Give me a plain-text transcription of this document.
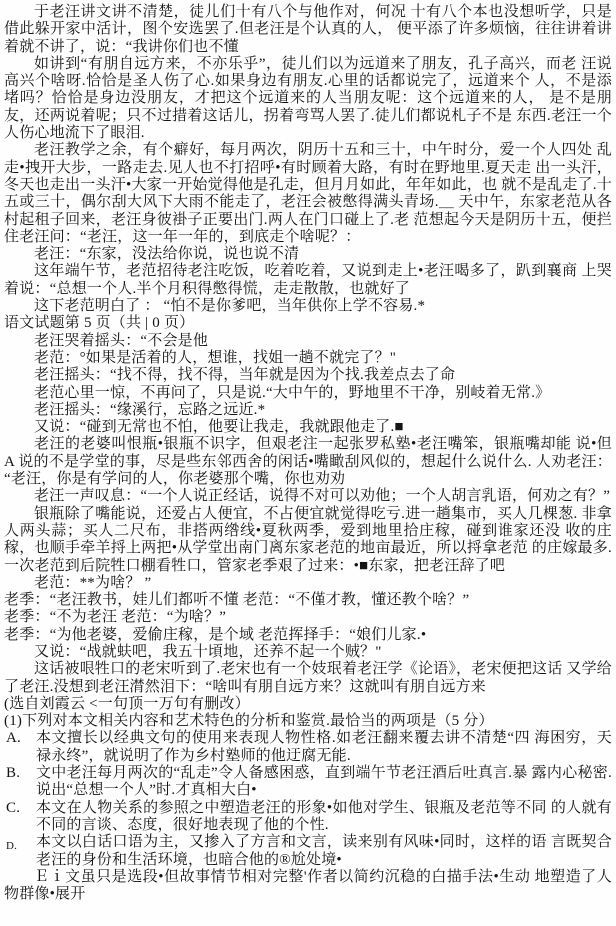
于老汪讲文讲不清楚，徒儿们十有八个与他作对，何况 十有八个本也没想听学，只是借此躲开家中活计，图个安选罢了.但老汪是个认真的人， 便平添了许多烦恼，往往讲着讲着就不讲了，说：“我讲你们也不懂

如讲到“有朋自远方来，不亦乐乎”，徒儿们以为远道来了朋友，孔子高兴，而老 汪说高兴个啥呀.恰恰是圣人伤了心.如果身边有朋友.心里的话都说完了，远道来个 人，不是添堵吗？恰恰是身边没朋友，才把这个远道来的人当朋友呢：这个远道来的人， 是不是朋友，还两说着呢；只不过措着这话儿，拐着弯骂人罢了.徒儿们都说札子不是 东西.老汪一个人伤心地流下了眼泪.

老汪教学之余，有个癖好，每月两次，阴历十五和三十，中午时分，爱一个人四处 乱走•拽开大步，一路走去.见人也不打招呼•有时顾着大路，有时在野地里.夏天走 出一头汗，冬天也走出一头汗•大家一开始觉得他是孔走，但月月如此，年年如此，也 就不是乱走了.十五或三十，偶尔刮大风下大雨不能走了，老汪会被憋得满头青场.＿ 天中午，东家老范从各村起租子回来，老汪身彼褂子正要出门.两人在门口碰上了.老 范想起今天是阴历十五，便拦住老汪问：“老汪，这一年一年的，到底走个啥呢？：

老汪：“东家，没法给你说，说也说不清

这年端午节，老范招待老注吃饭，吃着吃着，又说到走上•老汪喝多了，趴到襄商 上哭着说：“总想一个人.半个月积得憋得慌，走走散散，也就好了

这下老范明白了 ： “怕不是你爹吧，当年供你上学不容易.*

语文试题第 5 页（共 | 0 页）

老汪哭着摇头：“不会是他

老范：°如果是活着的人，想谁，找姐一趟不就完了？"

老汪摇头：“找不得，找不得，当年就是因为个找.我差点去了命

老范心里一惊，不再问了，只是说.“大中午的，野地里不干净，别岐着无常.》

老汪摇头：“缘溪行，忘路之远近.*

又说：“碰到无常也不怕，他要让我走，我就跟他走了.■

老汪的老婆叫恨瓶•银瓶不识字，但艰老注一起张罗私塾•老汪嘴笨，银瓶嘴却能 说•但 A 说的不是学堂的事，尽是些东邻西舍的闲话•嘴瞰刮风似的，想起什么说什么. 人劝老汪：“老汪，你是有学问的人，你老婆那个嘴，你也劝劝

老汪一声叹息：“一个人说正经话，说得不对可以劝他；一个人胡言乳语，何劝之有？”

银瓶除了嘴能说，还爱占人便宜，不占便宜就觉得吃亏.进一趟集市，买人几棵葱. 非拿人两头蒜；买人二尺布，非搭两绺线•夏秋两季，爱到地里拾庄稼，碰到谁家还没 收的庄稼，也顺手牵羊捋上两把•从学堂出南门离东家老范的地亩最近，所以捋拿老范 的庄嫁最多.一次老范到后院牲口棚看牲口，管家老季艰了过来：•■东家，把老汪辞了吧

老范：**为啥？ ”

老季：“老汪教书，娃儿们都听不懂 老范：“不僅才教，懂还教个啥？”

老季：“不为老汪 老范：“为啥？”

老季：“为他老婆，爱偷庄稼，是个域 老范挥择手：“娘们儿家.•

又说：“战就蚨吧，我五十頃地，还养不起一个贼？"

这话被哏牲口的老宋听到了.老宋也有一个妓珉着老汪学《论语》，老宋便把这话 又学给了老汪.没想到老汪潸然泪下：“啥叫有朋自远方来？这就叫有朋自远方来

(选自刘霞云 <一句顶一万句有删改）

(1)下列对本文相关内容和艺术特色的分析和鉴赏.最恰当的两项是（5 分）

A. 本文擅长以经典文句的使用来表现人物性格.如老汪翻来覆去讲不清楚“四 海困穷，天禄永终”，就说明了作为乡村塾师的他迂腐无能.

B. 文中老汪每月两次的“乱走”令人备感困惑，直到端午节老汪酒后吐真言.暴 露内心秘密.说出“总想一个人”时.才真相大白•

C. 本文在人物关系的参照之中塑造老汪的形象•如他对学生、银瓶及老范等不同 的人就有不同的言谈、态度，很好地表现了他的个性.

D. 本文以白话口语为主，又掺入了方言和文言，读来别有风味•同时，这样的语 言既契合老汪的身份和生活环境，也暗合他的®尬处境•

Ｅｉ文虽只是选段•但故事情节相对完整'作者以简约沉稳的白描手法•生动 地塑造了人物群像•展开
